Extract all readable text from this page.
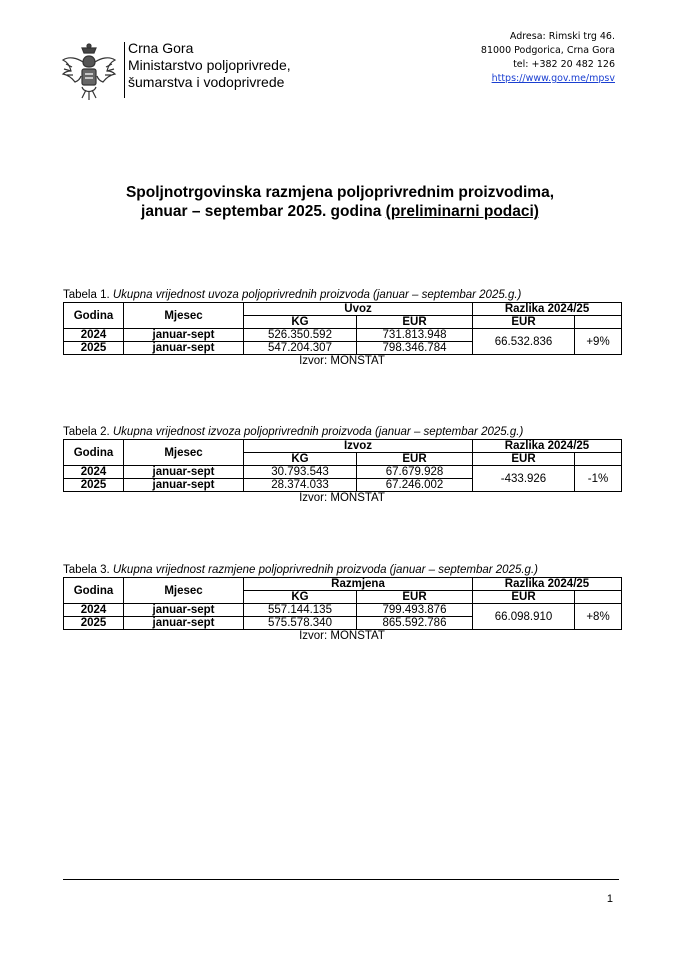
Crna Gora
Ministarstvo poljoprivrede,
šumarstva i vodoprivrede
Adresa: Rimski trg 46.
81000 Podgorica, Crna Gora
tel: +382 20 482 126
https://www.gov.me/mpsv
Spoljnotrgovinska razmjena poljoprivrednim proizvodima,
januar – septembar 2025. godina (preliminarni podaci)
Tabela 1. Ukupna vrijednost uvoza poljoprivrednih proizvoda (januar – septembar 2025.g.)
Godina	Mjesec	Uvoz		Razlika 2024/25	
		KG	EUR	EUR	
2024	januar-sept	526.350.592	731.813.948	66.532.836	+9%
2025	januar-sept	547.204.307	798.346.784		
Izvor: MONSTAT
Tabela 2. Ukupna vrijednost izvoza poljoprivrednih proizvoda (januar – septembar 2025.g.)
Godina	Mjesec	Izvoz		Razlika 2024/25	
		KG	EUR	EUR	
2024	januar-sept	30.793.543	67.679.928	-433.926	-1%
2025	januar-sept	28.374.033	67.246.002		
Izvor: MONSTAT
Tabela 3. Ukupna vrijednost razmjene poljoprivrednih proizvoda (januar – septembar 2025.g.)
Godina	Mjesec	Razmjena		Razlika 2024/25	
		KG	EUR	EUR	
2024	januar-sept	557.144.135	799.493.876	66.098.910	+8%
2025	januar-sept	575.578.340	865.592.786		
Izvor: MONSTAT
1
